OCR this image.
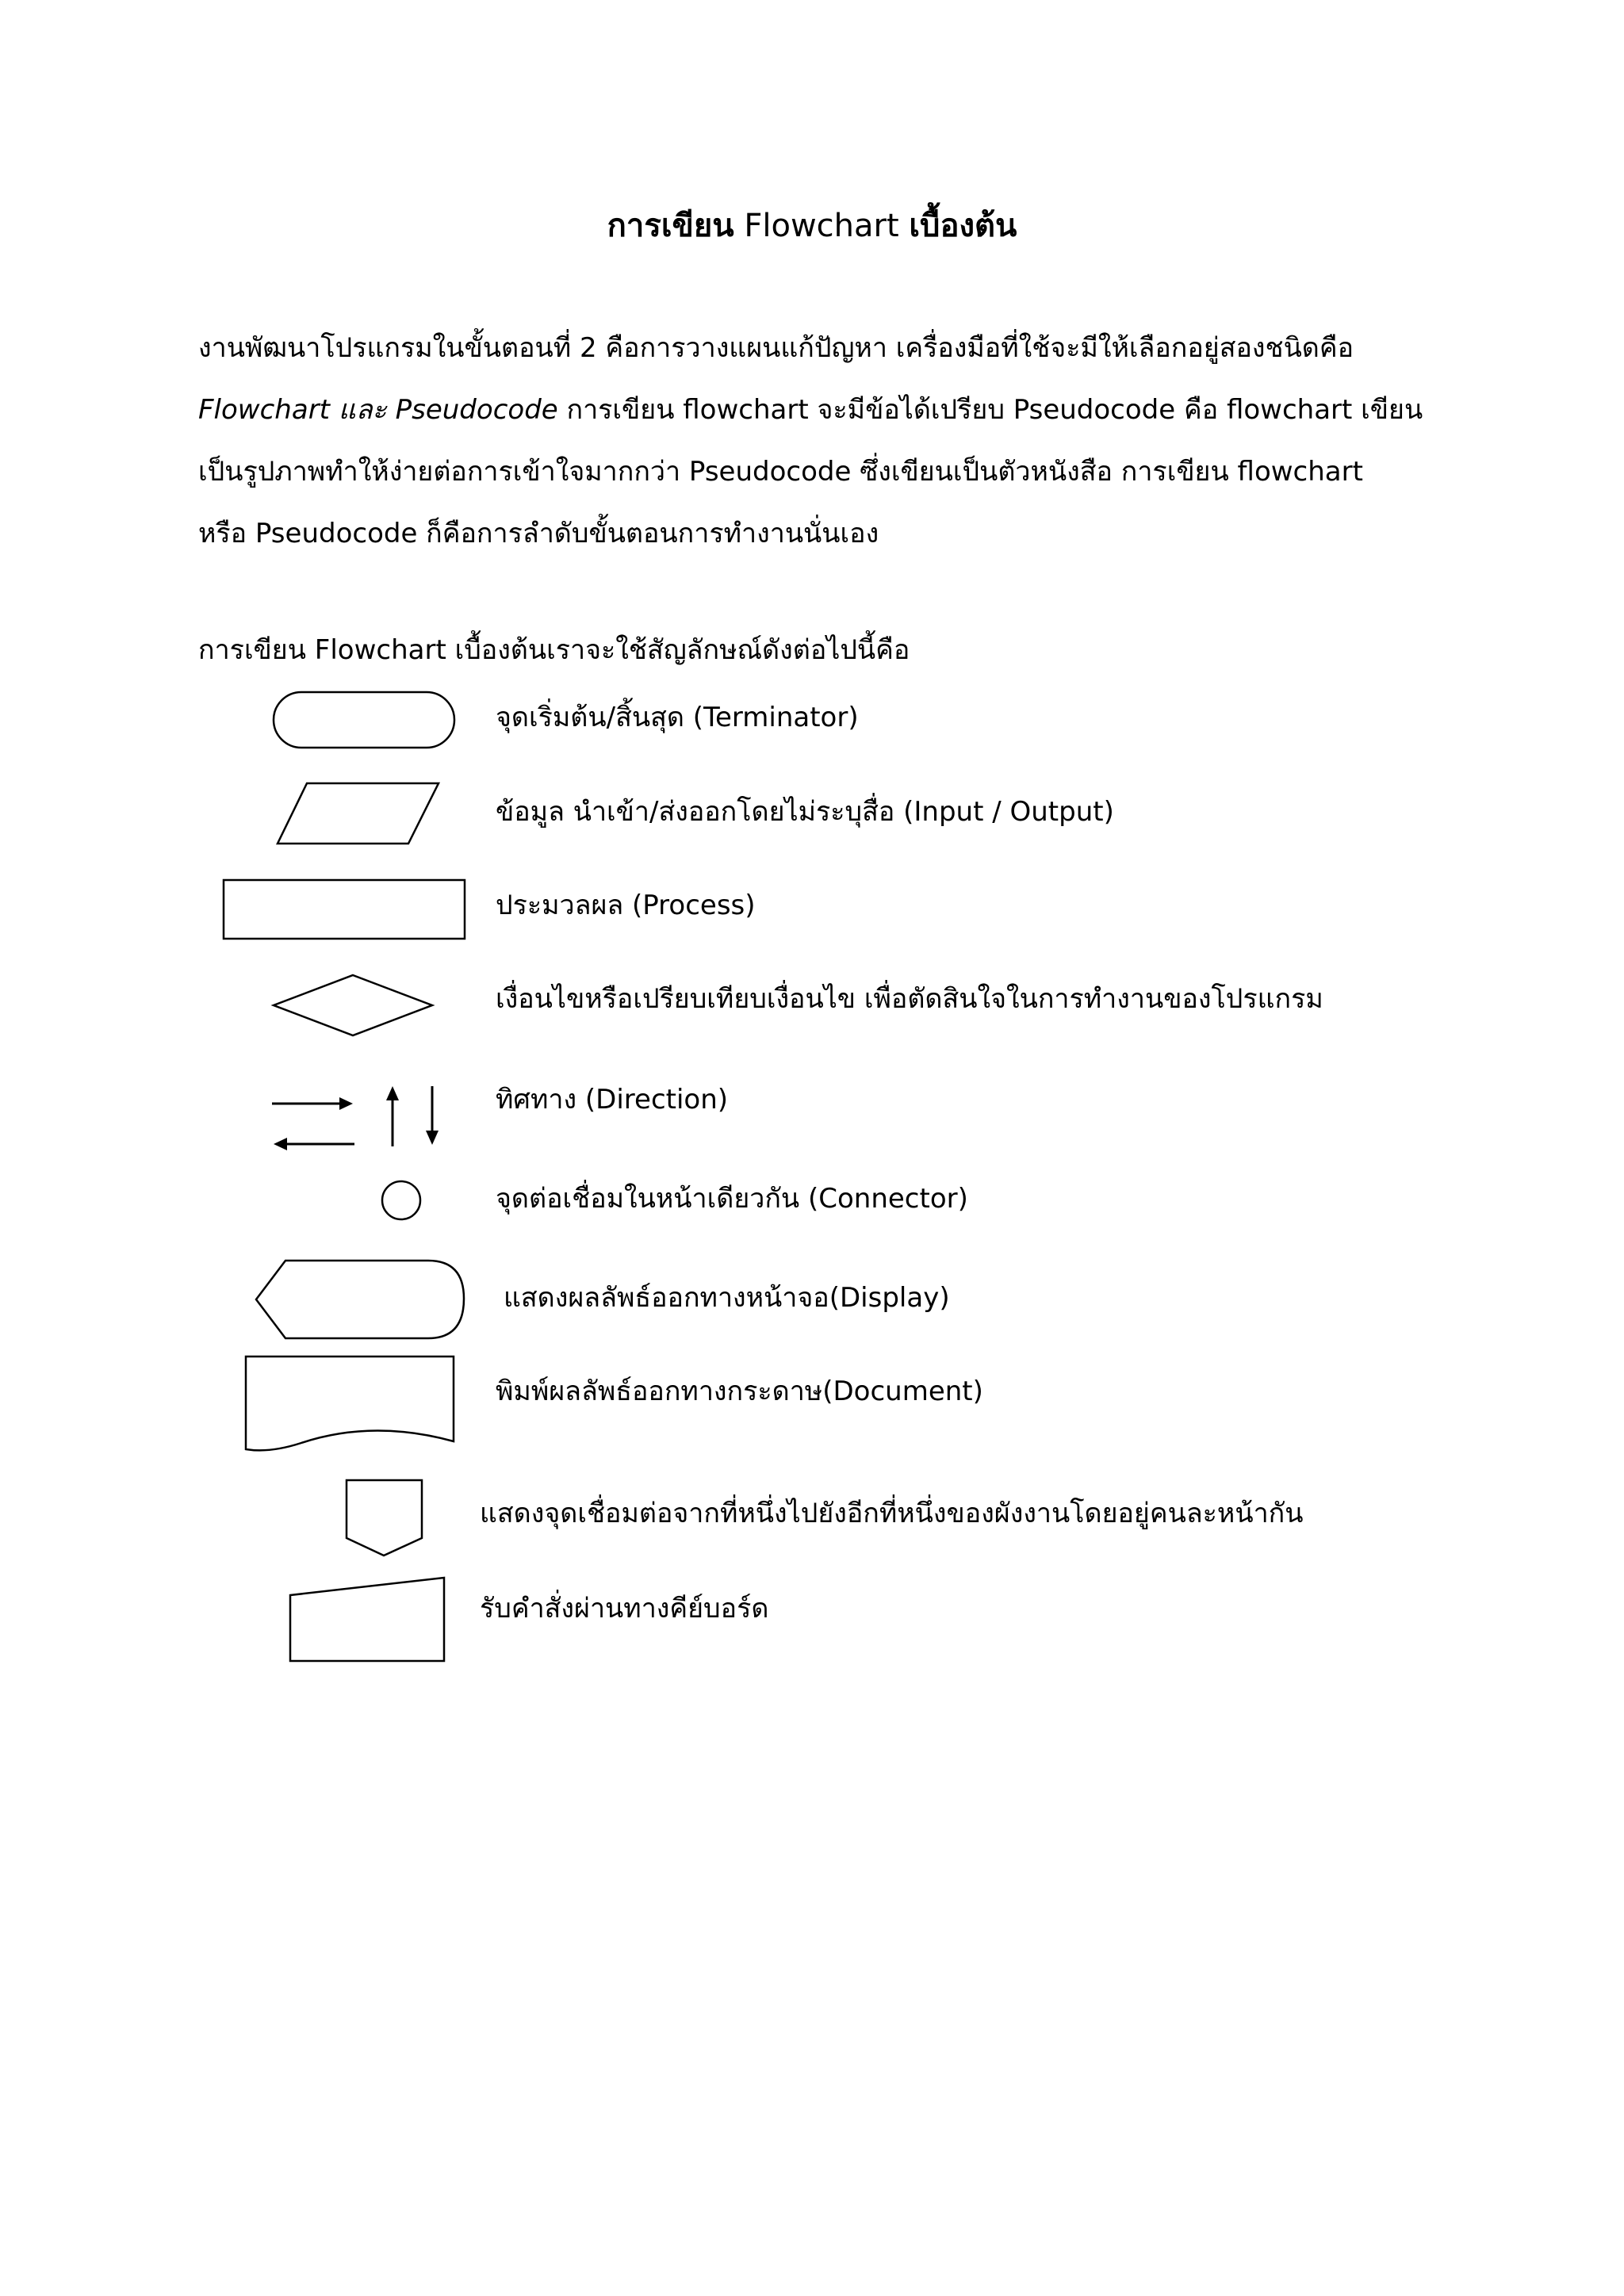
การเขียน Flowchart เบื้องต้น
งานพัฒนาโปรแกรมในขั้นตอนที่ 2 คือการวางแผนแก้ปัญหา เครื่องมือที่ใช้จะมีให้เลือกอยู่สองชนิดคือ
Flowchart และ Pseudocode การเขียน flowchart จะมีข้อได้เปรียบ Pseudocode คือ flowchart เขียน
เป็นรูปภาพทำให้ง่ายต่อการเข้าใจมากกว่า Pseudocode ซึ่งเขียนเป็นตัวหนังสือ การเขียน flowchart
หรือ Pseudocode ก็คือการลำดับขั้นตอนการทำงานนั่นเอง
การเขียน Flowchart เบื้องต้นเราจะใช้สัญลักษณ์ดังต่อไปนี้คือ
จุดเริ่มต้น/สิ้นสุด (Terminator)
ข้อมูล นำเข้า/ส่งออกโดยไม่ระบุสื่อ (Input / Output)
ประมวลผล (Process)
เงื่อนไขหรือเปรียบเทียบเงื่อนไข เพื่อตัดสินใจในการทำงานของโปรแกรม
ทิศทาง (Direction)
จุดต่อเชื่อมในหน้าเดียวกัน (Connector)
แสดงผลลัพธ์ออกทางหน้าจอ(Display)
พิมพ์ผลลัพธ์ออกทางกระดาษ(Document)
แสดงจุดเชื่อมต่อจากที่หนึ่งไปยังอีกที่หนึ่งของผังงานโดยอยู่คนละหน้ากัน
รับคำสั่งผ่านทางคีย์บอร์ด
